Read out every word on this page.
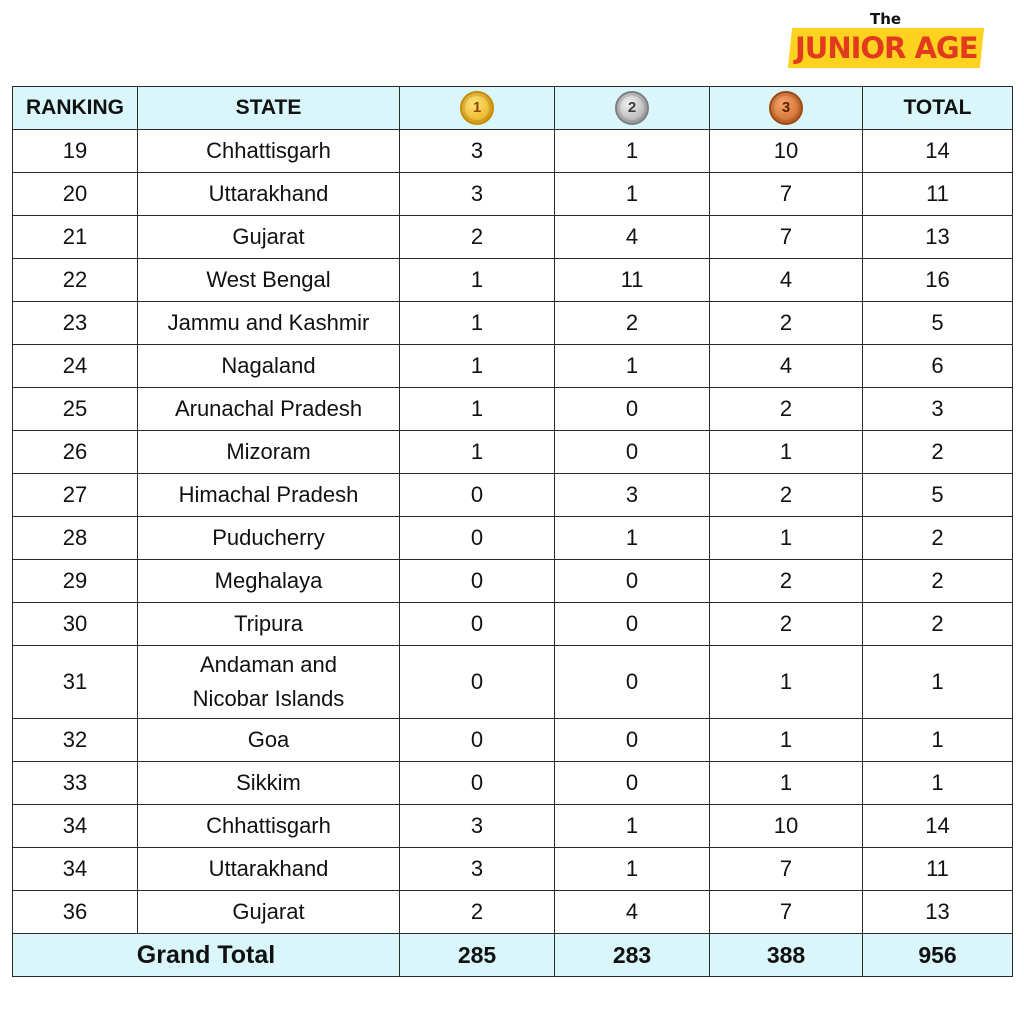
The
JUNIOR AGE
RANKING	STATE	1	2	3	TOTAL
19	Chhattisgarh	3	1	10	14
20	Uttarakhand	3	1	7	11
21	Gujarat	2	4	7	13
22	West Bengal	1	11	4	16
23	Jammu and Kashmir	1	2	2	5
24	Nagaland	1	1	4	6
25	Arunachal Pradesh	1	0	2	3
26	Mizoram	1	0	1	2
27	Himachal Pradesh	0	3	2	5
28	Puducherry	0	1	1	2
29	Meghalaya	0	0	2	2
30	Tripura	0	0	2	2
31	Andaman and
Nicobar Islands	0	0	1	1
32	Goa	0	0	1	1
33	Sikkim	0	0	1	1
34	Chhattisgarh	3	1	10	14
34	Uttarakhand	3	1	7	11
36	Gujarat	2	4	7	13
Grand Total		285	283	388	956
